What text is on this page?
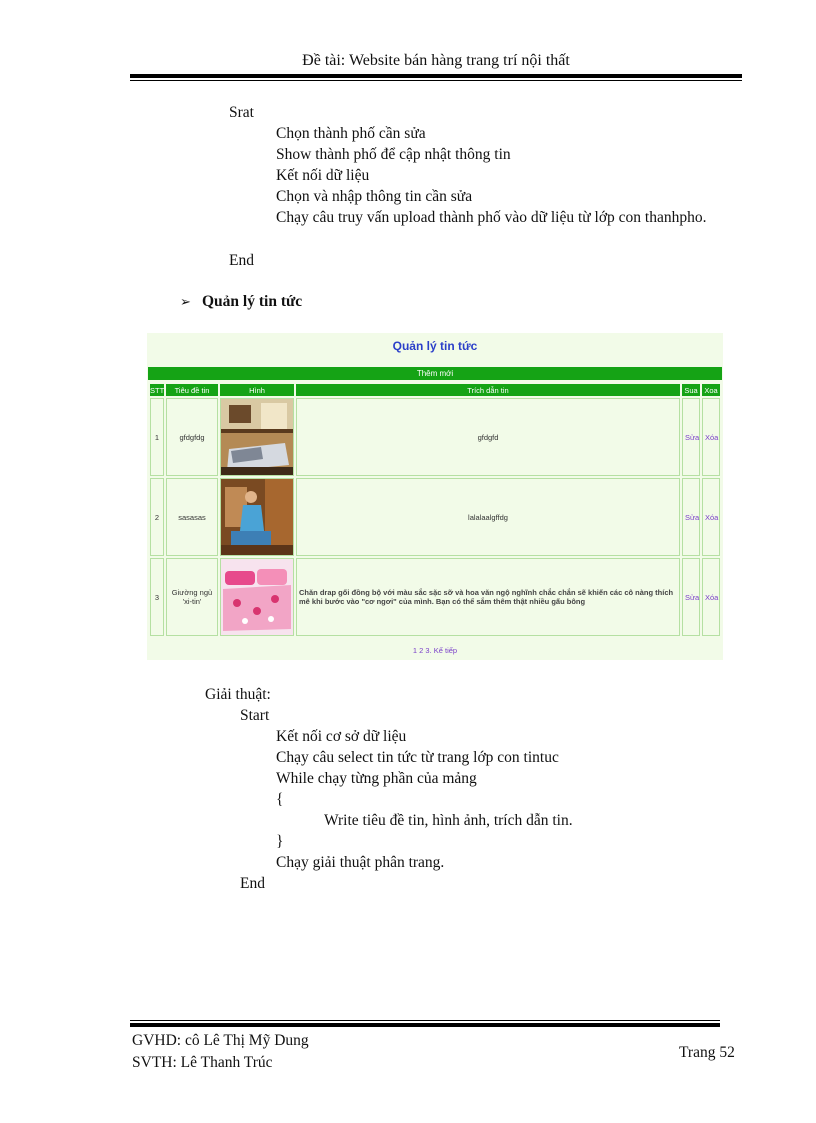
Đề tài: Website bán hàng trang trí nội thất
Srat
Chọn thành phố cần sửa
Show thành phố để cập nhật thông tin
Kết nối dữ liệu
Chọn và nhập thông tin cần sửa
Chạy câu truy vấn upload thành phố vào dữ liệu từ lớp con thanhpho.
End
➢ Quản lý tin tức
Quản lý tin tức
Thêm mới
STT	Tiêu đề tin	Hình	Trích dẫn tin	Sua	Xoa
1	gfdgfdg		gfdgfd	Sửa	Xóa
2	sasasas		lalalaalgffdg	Sửa	Xóa
3	Giường ngủ 'xi-tin'		Chăn drap gối đồng bộ với màu sắc sặc sỡ và hoa văn ngộ nghĩnh chắc chắn sẽ khiến các cô nàng thích mê khi bước vào "cơ ngơi" của mình. Bạn có thể sắm thêm thật nhiều gấu bông	Sửa	Xóa
1 2 3. Kế tiếp
Giải thuật:
Start
Kết nối cơ sở dữ liệu
Chạy câu select tin tức từ trang lớp con tintuc
While chạy từng phần của mảng
{
Write tiêu đề tin, hình ảnh, trích dẫn tin.
}
Chạy giải thuật phân trang.
End
GVHD: cô Lê Thị Mỹ Dung
SVTH: Lê Thanh Trúc
Trang 52
